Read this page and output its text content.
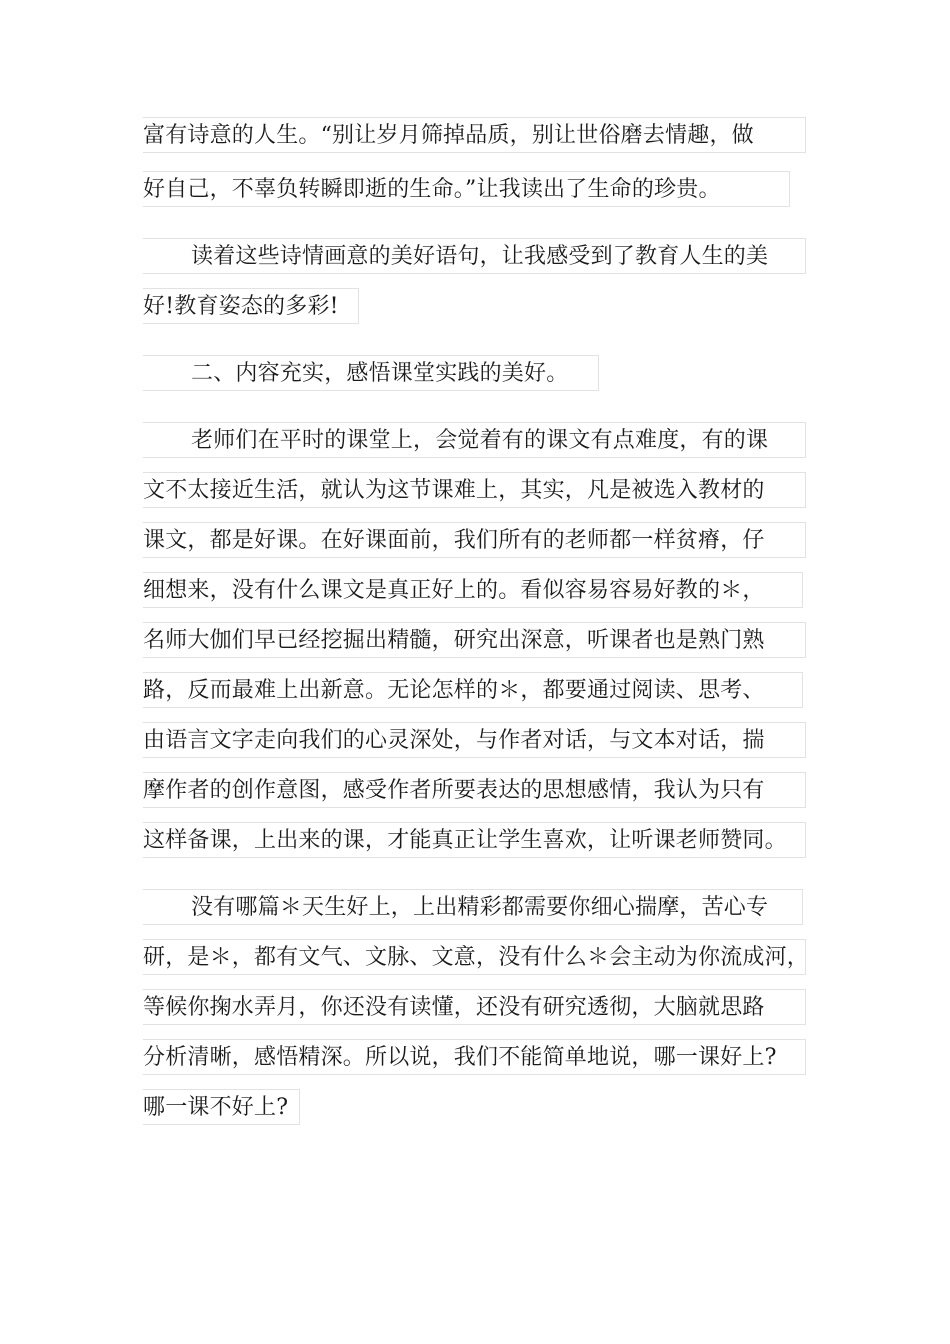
富有诗意的人生。“别让岁月筛掉品质，别让世俗磨去情趣，做
好自己，不辜负转瞬即逝的生命。”让我读出了生命的珍贵。
读着这些诗情画意的美好语句，让我感受到了教育人生的美
好!教育姿态的多彩!
二、内容充实，感悟课堂实践的美好。
老师们在平时的课堂上，会觉着有的课文有点难度，有的课
文不太接近生活，就认为这节课难上，其实，凡是被选入教材的
课文，都是好课。在好课面前，我们所有的老师都一样贫瘠，仔
细想来，没有什么课文是真正好上的。看似容易容易好教的＊，
名师大伽们早已经挖掘出精髓，研究出深意，听课者也是熟门熟
路，反而最难上出新意。无论怎样的＊，都要通过阅读、思考、
由语言文字走向我们的心灵深处，与作者对话，与文本对话，揣
摩作者的创作意图，感受作者所要表达的思想感情，我认为只有
这样备课，上出来的课，才能真正让学生喜欢，让听课老师赞同。
没有哪篇＊天生好上，上出精彩都需要你细心揣摩，苦心专
研，是＊，都有文气、文脉、文意，没有什么＊会主动为你流成河，
等候你掬水弄月，你还没有读懂，还没有研究透彻，大脑就思路
分析清晰，感悟精深。所以说，我们不能简单地说，哪一课好上?
哪一课不好上?
